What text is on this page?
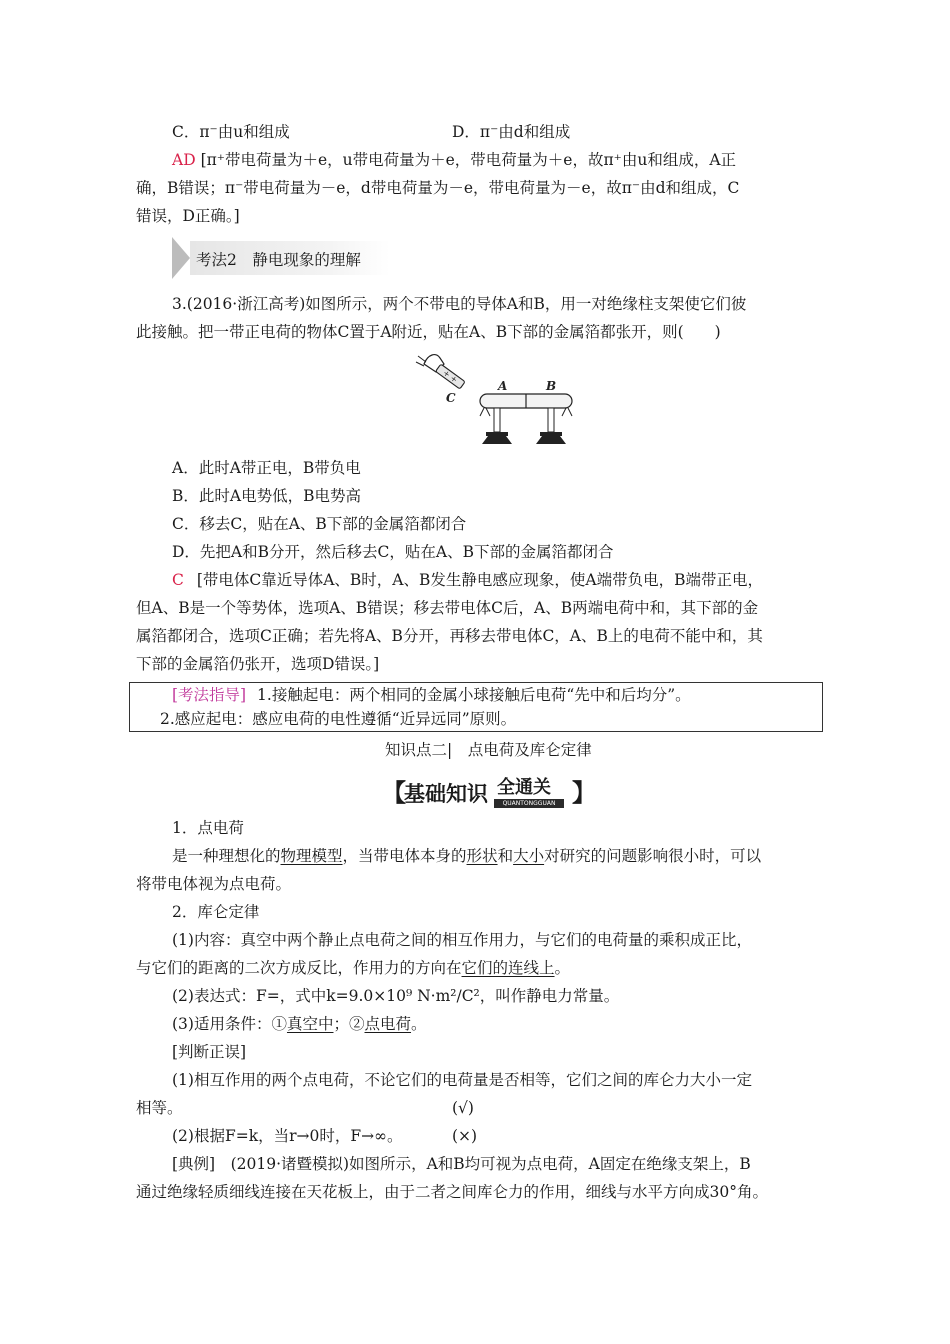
C．π⁻由u和组成	D．π⁻由d和组成
AD [π⁺带电荷量为＋e，u带电荷量为＋e，带电荷量为＋e，故π⁺由u和组成，A正
确，B错误；π⁻带电荷量为－e，d带电荷量为－e，带电荷量为－e，故π⁻由d和组成，C
错误，D正确。]
考法2　静电现象的理解
3.(2016·浙江高考)如图所示，两个不带电的导体A和B，用一对绝缘柱支架使它们彼
此接触。把一带正电荷的物体C置于A附近，贴在A、B下部的金属箔都张开，则(　　)
+
+
C
A	B
A．此时A带正电，B带负电
B．此时A电势低，B电势高
C．移去C，贴在A、B下部的金属箔都闭合
D．先把A和B分开，然后移去C，贴在A、B下部的金属箔都闭合
C [带电体C靠近导体A、B时，A、B发生静电感应现象，使A端带负电，B端带正电，
但A、B是一个等势体，选项A、B错误；移去带电体C后，A、B两端电荷中和，其下部的金
属箔都闭合，选项C正确；若先将A、B分开，再移去带电体C，A、B上的电荷不能中和，其
下部的金属箔仍张开，选项D错误。]
[考法指导] 1.接触起电：两个相同的金属小球接触后电荷“先中和后均分”。
2.感应起电：感应电荷的电性遵循“近异远同”原则。
知识点二|　点电荷及库仑定律
【
基础知识 全通关
QUANTONGGUAN 】
1．点电荷
是一种理想化的物理模型，当带电体本身的形状和大小对研究的问题影响很小时，可以
将带电体视为点电荷。
2．库仑定律
(1)内容：真空中两个静止点电荷之间的相互作用力，与它们的电荷量的乘积成正比，
与它们的距离的二次方成反比，作用力的方向在它们的连线上。
(2)表达式：F=，式中k=9.0×10⁹ N·m²/C²，叫作静电力常量。
(3)适用条件：①真空中；②点电荷。
[判断正误]
(1)相互作用的两个点电荷，不论它们的电荷量是否相等，它们之间的库仑力大小一定
相等。	(√)
(2)根据F=k，当r→0时，F→∞。	(×)
[典例]　(2019·诸暨模拟)如图所示，A和B均可视为点电荷，A固定在绝缘支架上，B
通过绝缘轻质细线连接在天花板上，由于二者之间库仑力的作用，细线与水平方向成30°角。
